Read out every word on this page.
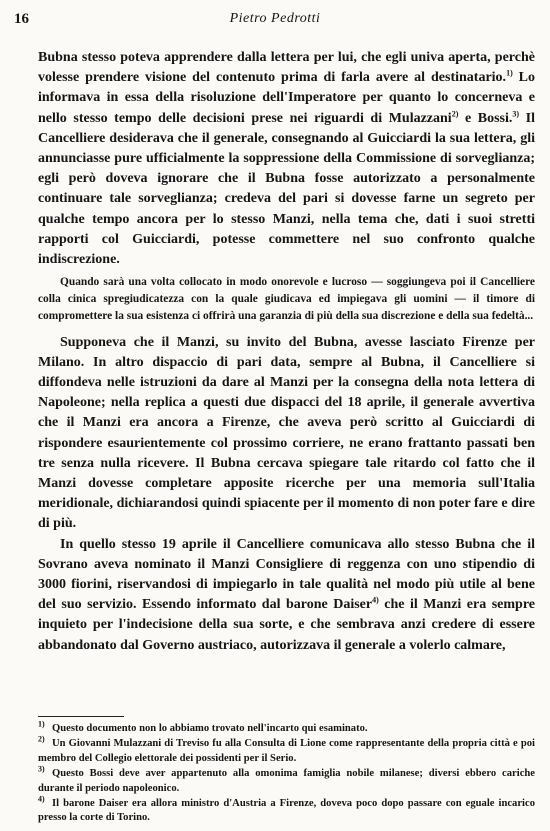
16	Pietro Pedrotti

Bubna stesso poteva apprendere dalla lettera per lui, che egli univa aperta, perchè volesse prendere visione del contenuto prima di farla avere al destinatario.$^{1)}$ Lo informava in essa della risoluzione dell'Imperatore per quanto lo concerneva e nello stesso tempo delle decisioni prese nei riguardi di Mulazzani$^{2)}$ e Bossi.$^{3)}$ Il Cancelliere desiderava che il generale, consegnando al Guicciardi la sua lettera, gli annunciasse pure ufficialmente la soppressione della Commissione di sorveglianza; egli però doveva ignorare che il Bubna fosse autorizzato a personalmente continuare tale sorveglianza; credeva del pari si dovesse farne un segreto per qualche tempo ancora per lo stesso Manzi, nella tema che, dati i suoi stretti rapporti col Guicciardi, potesse commettere nel suo confronto qualche indiscrezione.

Quando sarà una volta collocato in modo onorevole e lucroso — soggiungeva poi il Cancelliere colla cinica spregiudicatezza con la quale giudicava ed impiegava gli uomini — il timore di compromettere la sua esistenza ci offrirà una garanzia di più della sua discrezione e della sua fedeltà...

Supponeva che il Manzi, su invito del Bubna, avesse lasciato Firenze per Milano. In altro dispaccio di pari data, sempre al Bubna, il Cancelliere si diffondeva nelle istruzioni da dare al Manzi per la consegna della nota lettera di Napoleone; nella replica a questi due dispacci del 18 aprile, il generale avvertiva che il Manzi era ancora a Firenze, che aveva però scritto al Guicciardi di rispondere esaurientemente col prossimo corriere, ne erano frattanto passati ben tre senza nulla ricevere. Il Bubna cercava spiegare tale ritardo col fatto che il Manzi dovesse completare apposite ricerche per una memoria sull'Italia meridionale, dichiarandosi quindi spiacente per il momento di non poter fare e dire di più.

In quello stesso 19 aprile il Cancelliere comunicava allo stesso Bubna che il Sovrano aveva nominato il Manzi Consigliere di reggenza con uno stipendio di 3000 fiorini, riservandosi di impiegarlo in tale qualità nel modo più utile al bene del suo servizio. Essendo informato dal barone Daiser$^{4)}$ che il Manzi era sempre inquieto per l'indecisione della sua sorte, e che sembrava anzi credere di essere abbandonato dal Governo austriaco, autorizzava il generale a volerlo calmare,

$^{1)}$ Questo documento non lo abbiamo trovato nell'incarto qui esaminato.

$^{2)}$ Un Giovanni Mulazzani di Treviso fu alla Consulta di Lione come rappresentante della propria città e poi membro del Collegio elettorale dei possidenti per il Serio.

$^{3)}$ Questo Bossi deve aver appartenuto alla omonima famiglia nobile milanese; diversi ebbero cariche durante il periodo napoleonico.

$^{4)}$ Il barone Daiser era allora ministro d'Austria a Firenze, doveva poco dopo passare con eguale incarico presso la corte di Torino.
